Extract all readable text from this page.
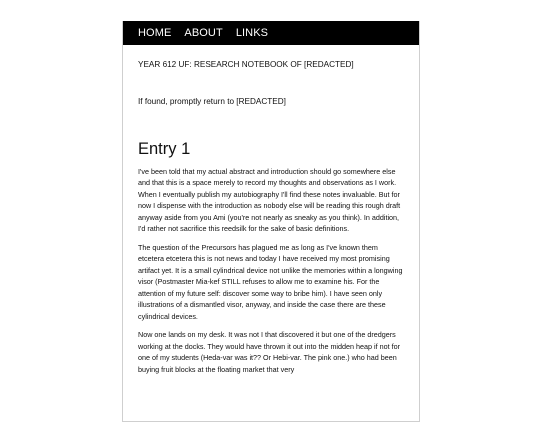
HOME ABOUT LINKS

YEAR 612 UF: RESEARCH NOTEBOOK OF [REDACTED]

If found, promptly return to [REDACTED]

Entry 1

I've been told that my actual abstract and introduction should go somewhere else and that this is a space merely to record my thoughts and observations as I work. When I eventually publish my autobiography I'll find these notes invaluable. But for now I dispense with the introduction as nobody else will be reading this rough draft anyway aside from you Ami (you're not nearly as sneaky as you think). In addition, I'd rather not sacrifice this reedsilk for the sake of basic definitions.

The question of the Precursors has plagued me as long as I've known them etcetera etcetera this is not news and today I have received my most promising artifact yet. It is a small cylindrical device not unlike the memories within a longwing visor (Postmaster Mia-kef STILL refuses to allow me to examine his. For the attention of my future self: discover some way to bribe him). I have seen only illustrations of a dismantled visor, anyway, and inside the case there are these cylindrical devices.

Now one lands on my desk. It was not I that discovered it but one of the dredgers working at the docks. They would have thrown it out into the midden heap if not for one of my students (Heda-var was it?? Or Hebi-var. The pink one.) who had been buying fruit blocks at the floating market that very
